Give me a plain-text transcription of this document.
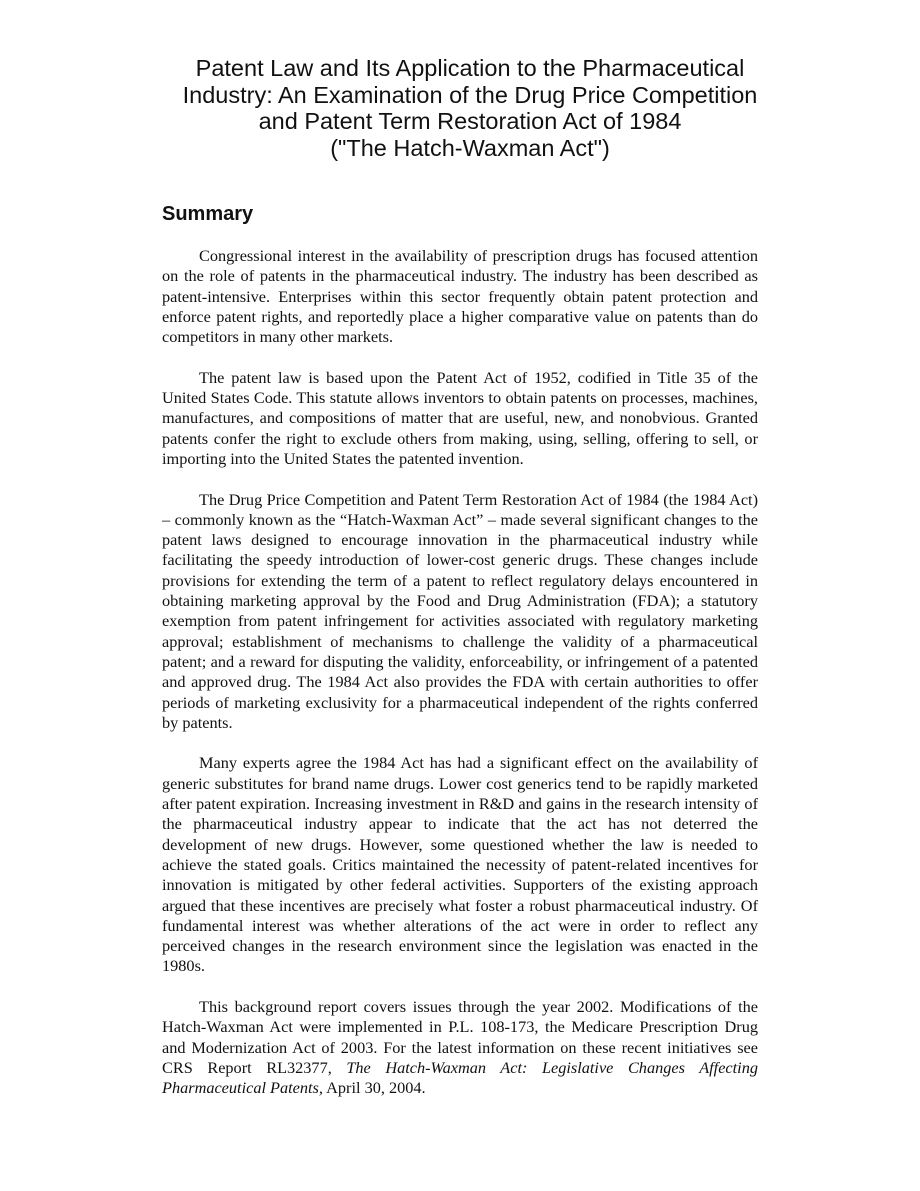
Patent Law and Its Application to the Pharmaceutical
Industry: An Examination of the Drug Price Competition
and Patent Term Restoration Act of 1984
("The Hatch-Waxman Act")
Summary

Congressional interest in the availability of prescription drugs has focused attention on the role of patents in the pharmaceutical industry. The industry has been described as patent-intensive. Enterprises within this sector frequently obtain patent protection and enforce patent rights, and reportedly place a higher comparative value on patents than do competitors in many other markets.

The patent law is based upon the Patent Act of 1952, codified in Title 35 of the United States Code. This statute allows inventors to obtain patents on processes, machines, manufactures, and compositions of matter that are useful, new, and nonobvious. Granted patents confer the right to exclude others from making, using, selling, offering to sell, or importing into the United States the patented invention.

The Drug Price Competition and Patent Term Restoration Act of 1984 (the 1984 Act) – commonly known as the “Hatch-Waxman Act” – made several significant changes to the patent laws designed to encourage innovation in the pharmaceutical industry while facilitating the speedy introduction of lower-cost generic drugs. These changes include provisions for extending the term of a patent to reflect regulatory delays encountered in obtaining marketing approval by the Food and Drug Administration (FDA); a statutory exemption from patent infringement for activities associated with regulatory marketing approval; establishment of mechanisms to challenge the validity of a pharmaceutical patent; and a reward for disputing the validity, enforceability, or infringement of a patented and approved drug. The 1984 Act also provides the FDA with certain authorities to offer periods of marketing exclusivity for a pharmaceutical independent of the rights conferred by patents.

Many experts agree the 1984 Act has had a significant effect on the availability of generic substitutes for brand name drugs. Lower cost generics tend to be rapidly marketed after patent expiration. Increasing investment in R&D and gains in the research intensity of the pharmaceutical industry appear to indicate that the act has not deterred the development of new drugs. However, some questioned whether the law is needed to achieve the stated goals. Critics maintained the necessity of patent-related incentives for innovation is mitigated by other federal activities. Supporters of the existing approach argued that these incentives are precisely what foster a robust pharmaceutical industry. Of fundamental interest was whether alterations of the act were in order to reflect any perceived changes in the research environment since the legislation was enacted in the 1980s.

This background report covers issues through the year 2002. Modifications of the Hatch-Waxman Act were implemented in P.L. 108-173, the Medicare Prescription Drug and Modernization Act of 2003. For the latest information on these recent initiatives see CRS Report RL32377, The Hatch-Waxman Act: Legislative Changes Affecting Pharmaceutical Patents, April 30, 2004.
